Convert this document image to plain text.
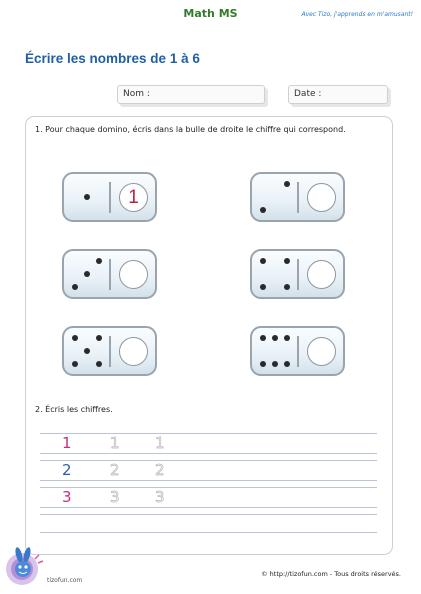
Math MS	Avec Tizo, j'apprends en m'amusant!
Écrire les nombres de 1 à 6
Nom :	Date :
1. Pour chaque domino, écris dans la bulle de droite le chiffre qui correspond.
1
2. Écris les chiffres.
1	1 1
2	2 2
3	3 3
tizofun.com
© http://tizofun.com - Tous droits réservés.
